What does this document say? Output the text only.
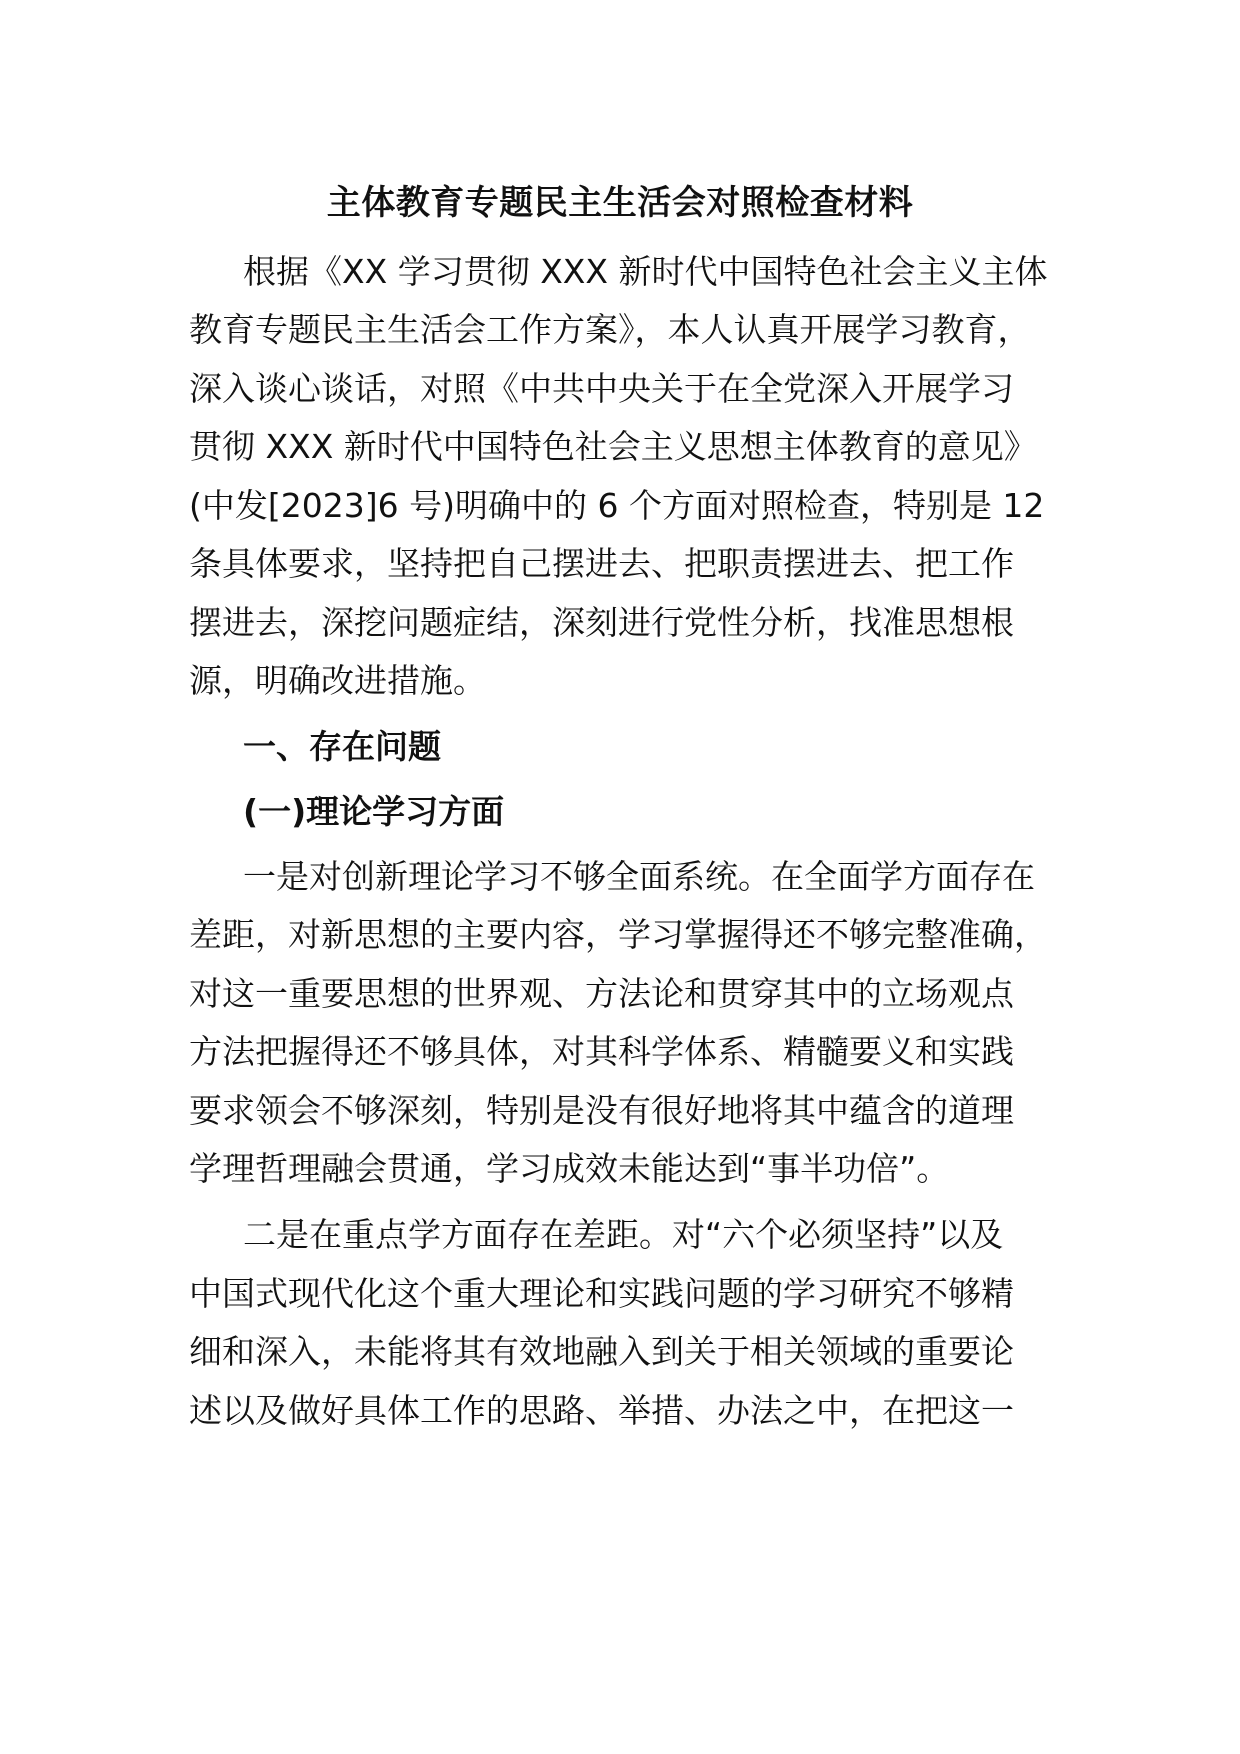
主体教育专题民主生活会对照检查材料
根据《XX 学习贯彻 XXX 新时代中国特色社会主义主体
教育专题民主生活会工作方案》，本人认真开展学习教育，
深入谈心谈话，对照《中共中央关于在全党深入开展学习
贯彻 XXX 新时代中国特色社会主义思想主体教育的意见》
(中发[2023]6 号)明确中的 6 个方面对照检查，特别是 12
条具体要求，坚持把自己摆进去、把职责摆进去、把工作
摆进去，深挖问题症结，深刻进行党性分析，找准思想根
源，明确改进措施。
一、存在问题
(一)理论学习方面
一是对创新理论学习不够全面系统。在全面学方面存在
差距，对新思想的主要内容，学习掌握得还不够完整准确，
对这一重要思想的世界观、方法论和贯穿其中的立场观点
方法把握得还不够具体，对其科学体系、精髓要义和实践
要求领会不够深刻，特别是没有很好地将其中蕴含的道理
学理哲理融会贯通，学习成效未能达到“事半功倍”。
二是在重点学方面存在差距。对“六个必须坚持”以及
中国式现代化这个重大理论和实践问题的学习研究不够精
细和深入，未能将其有效地融入到关于相关领域的重要论
述以及做好具体工作的思路、举措、办法之中，在把这一
